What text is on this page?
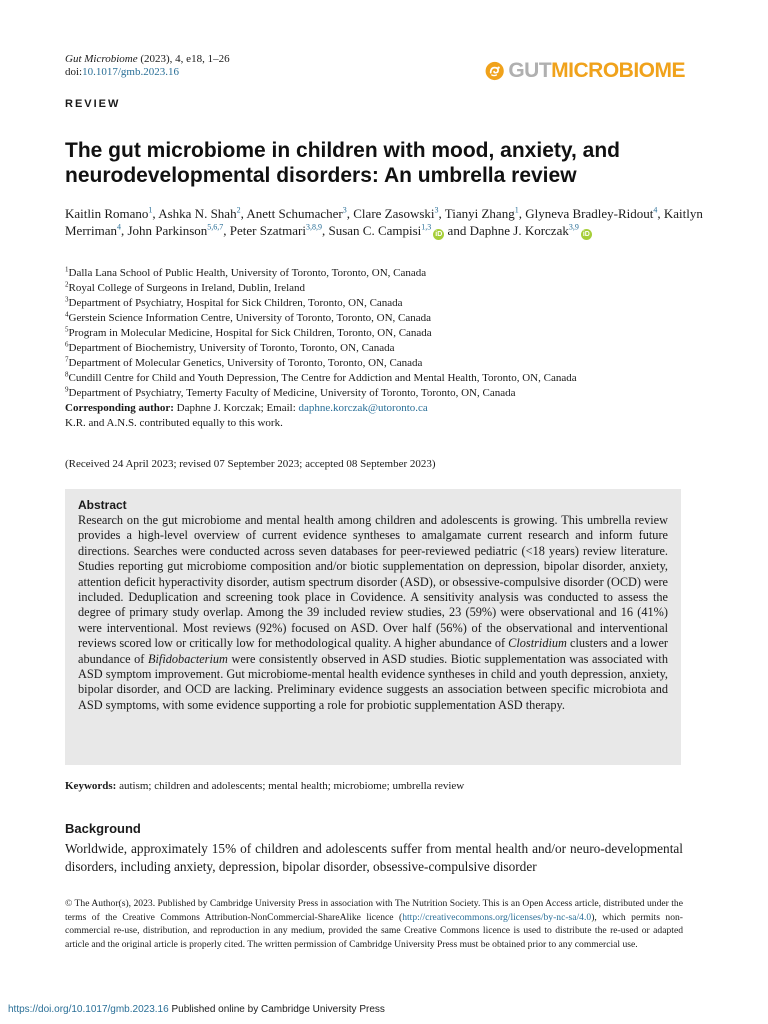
Gut Microbiome (2023), 4, e18, 1–26
doi:10.1017/gmb.2023.16	GUTMICROBIOME
REVIEW
The gut microbiome in children with mood, anxiety, and neurodevelopmental disorders: An umbrella review
Kaitlin Romano$^1$, Ashka N. Shah$^2$, Anett Schumacher$^3$, Clare Zasowski$^3$, Tianyi Zhang$^1$, Glyneva Bradley-Ridout$^4$, Kaitlyn Merriman$^4$, John Parkinson$^{5,6,7}$, Peter Szatmari$^{3,8,9}$, Susan C. Campisi$^{1,3}$iD and Daphne J. Korczak$^{3,9}$iD
$^1$Dalla Lana School of Public Health, University of Toronto, Toronto, ON, Canada
$^2$Royal College of Surgeons in Ireland, Dublin, Ireland
$^3$Department of Psychiatry, Hospital for Sick Children, Toronto, ON, Canada
$^4$Gerstein Science Information Centre, University of Toronto, Toronto, ON, Canada
$^5$Program in Molecular Medicine, Hospital for Sick Children, Toronto, ON, Canada
$^6$Department of Biochemistry, University of Toronto, Toronto, ON, Canada
$^7$Department of Molecular Genetics, University of Toronto, Toronto, ON, Canada
$^8$Cundill Centre for Child and Youth Depression, The Centre for Addiction and Mental Health, Toronto, ON, Canada
$^9$Department of Psychiatry, Temerty Faculty of Medicine, University of Toronto, Toronto, ON, Canada
Corresponding author: Daphne J. Korczak; Email: daphne.korczak@utoronto.ca
K.R. and A.N.S. contributed equally to this work.
(Received 24 April 2023; revised 07 September 2023; accepted 08 September 2023)
Abstract
Research on the gut microbiome and mental health among children and adolescents is growing. This umbrella review provides a high-level overview of current evidence syntheses to amalgamate current research and inform future directions. Searches were conducted across seven databases for peer-reviewed pediatric (<18 years) review literature. Studies reporting gut microbiome composition and/or biotic supplementation on depression, bipolar disorder, anxiety, attention deficit hyperactivity disorder, autism spectrum disorder (ASD), or obsessive-compulsive disorder (OCD) were included. Deduplication and screening took place in Covidence. A sensitivity analysis was conducted to assess the degree of primary study overlap. Among the 39 included review studies, 23 (59%) were observational and 16 (41%) were interventional. Most reviews (92%) focused on ASD. Over half (56%) of the observational and interventional reviews scored low or critically low for methodological quality. A higher abundance of Clostridium clusters and a lower abundance of Bifidobacterium were consistently observed in ASD studies. Biotic supplementation was associated with ASD symptom improvement. Gut microbiome-mental health evidence syntheses in child and youth depression, anxiety, bipolar disorder, and OCD are lacking. Preliminary evidence suggests an association between specific microbiota and ASD symptoms, with some evidence supporting a role for probiotic supplementation ASD therapy.
Keywords: autism; children and adolescents; mental health; microbiome; umbrella review
Background
Worldwide, approximately 15% of children and adolescents suffer from mental health and/or neuro-developmental disorders, including anxiety, depression, bipolar disorder, obsessive-compulsive disorder
© The Author(s), 2023. Published by Cambridge University Press in association with The Nutrition Society. This is an Open Access article, distributed under the terms of the Creative Commons Attribution-NonCommercial-ShareAlike licence (http://creativecommons.org/licenses/by-nc-sa/4.0), which permits non-commercial re-use, distribution, and reproduction in any medium, provided the same Creative Commons licence is used to distribute the re-used or adapted article and the original article is properly cited. The written permission of Cambridge University Press must be obtained prior to any commercial use.
https://doi.org/10.1017/gmb.2023.16 Published online by Cambridge University Press
